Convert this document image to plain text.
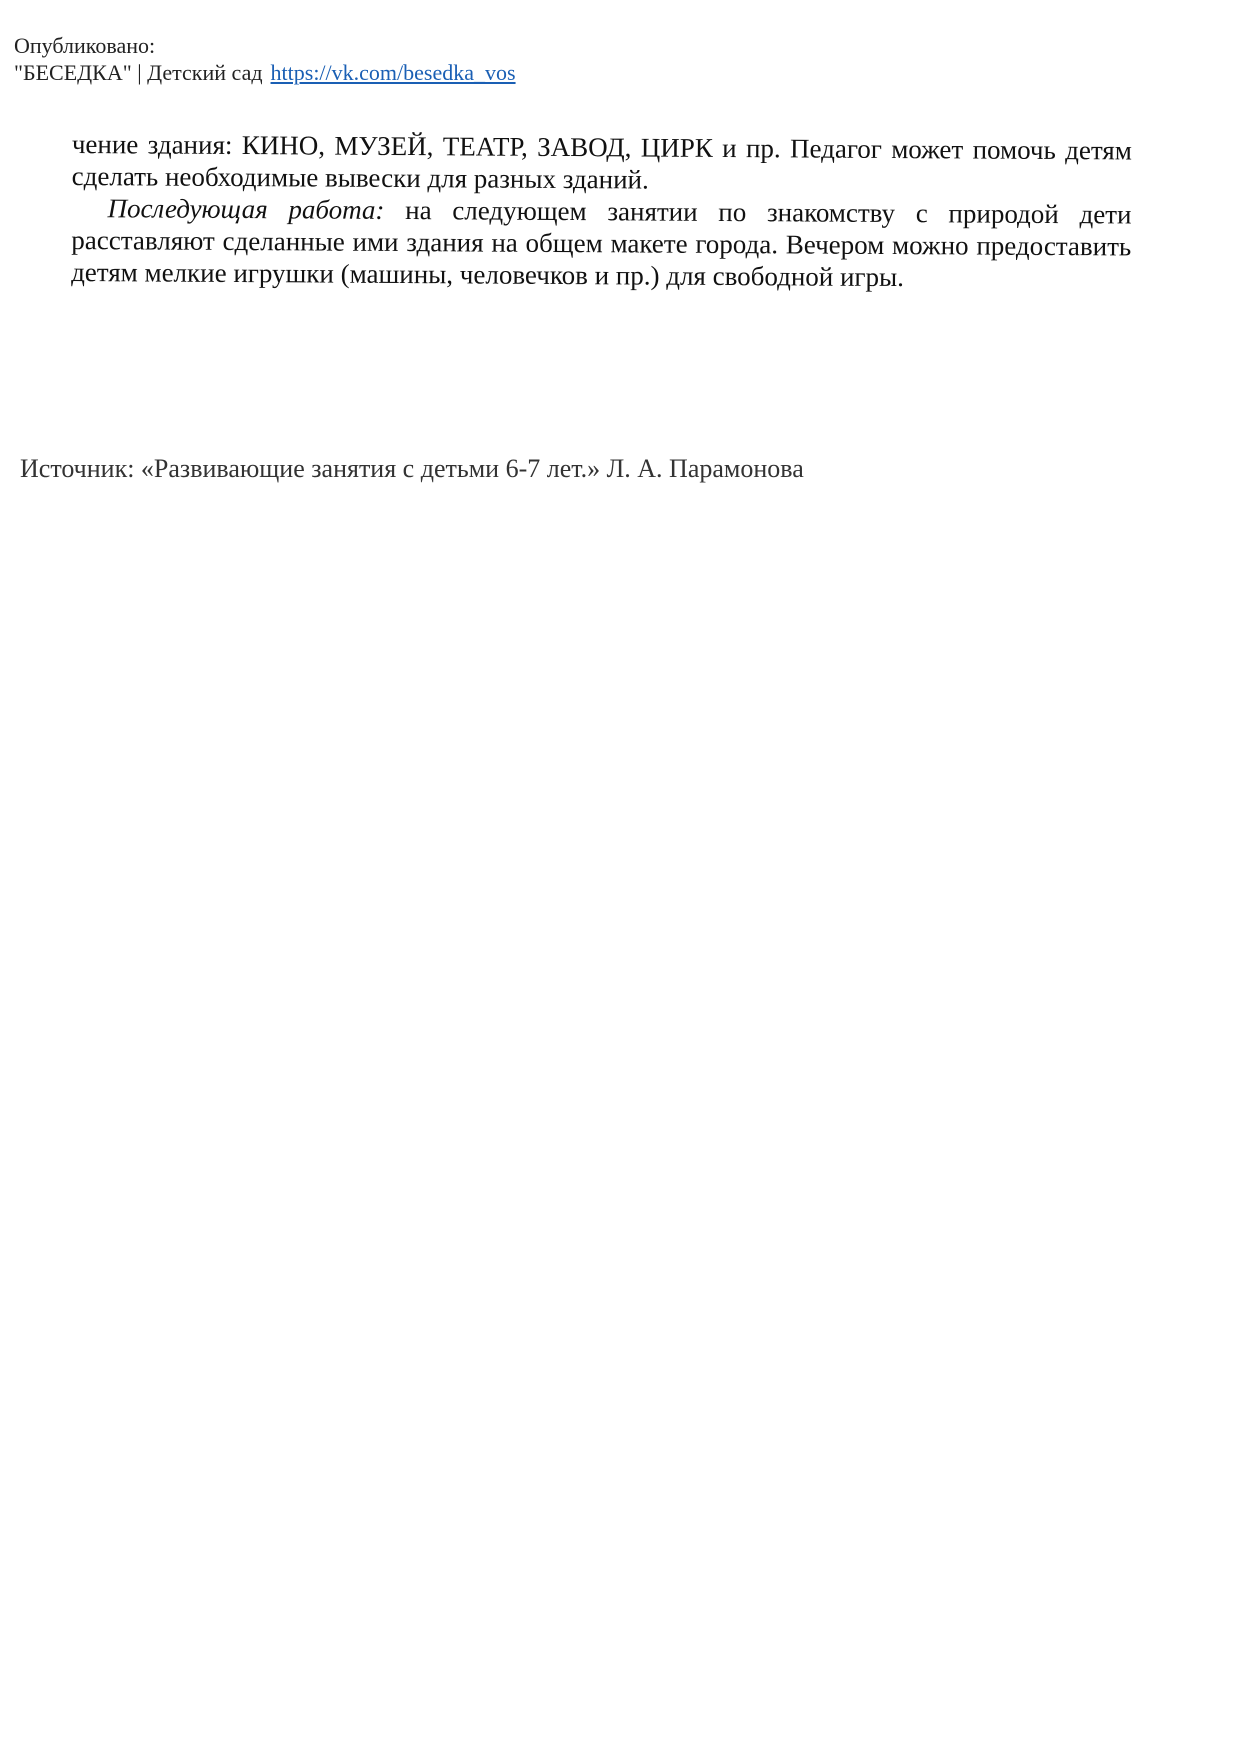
Опубликовано:
"БЕСЕДКА" | Детский сад https://vk.com/besedka_vos

чение здания: КИНО, МУЗЕЙ, ТЕАТР, ЗАВОД, ЦИРК и пр. Педагог может помочь детям сделать необходимые вывески для разных зданий.

Последующая работа: на следующем занятии по знакомству с природой дети расставляют сделанные ими здания на общем макете города. Вечером можно предоставить детям мелкие игрушки (машины, человечков и пр.) для свободной игры.

Источник: «Развивающие занятия с детьми 6-7 лет.» Л. А. Парамонова
